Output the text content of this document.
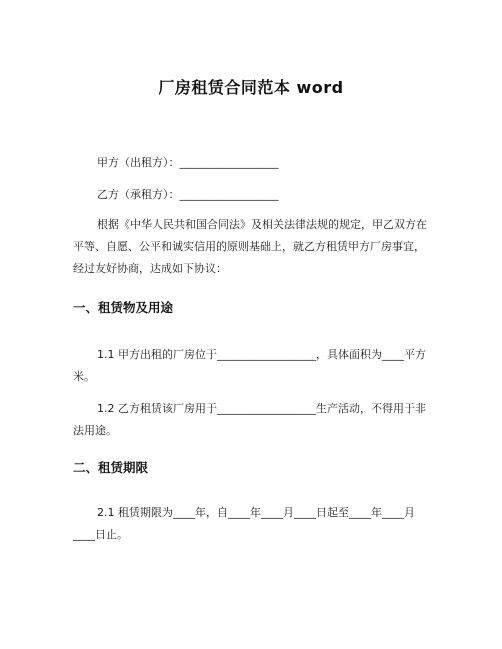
厂房租赁合同范本 word
甲方（出租方）：__________________
乙方（承租方）：__________________
根据《中华人民共和国合同法》及相关法律法规的规定，甲乙双方在平等、自愿、公平和诚实信用的原则基础上，就乙方租赁甲方厂房事宜，经过友好协商，达成如下协议：
一、租赁物及用途
1.1 甲方出租的厂房位于__________________，具体面积为____平方米。
1.2 乙方租赁该厂房用于__________________生产活动，不得用于非法用途。
二、租赁期限
2.1 租赁期限为____年，自____年____月____日起至____年____月____日止。
